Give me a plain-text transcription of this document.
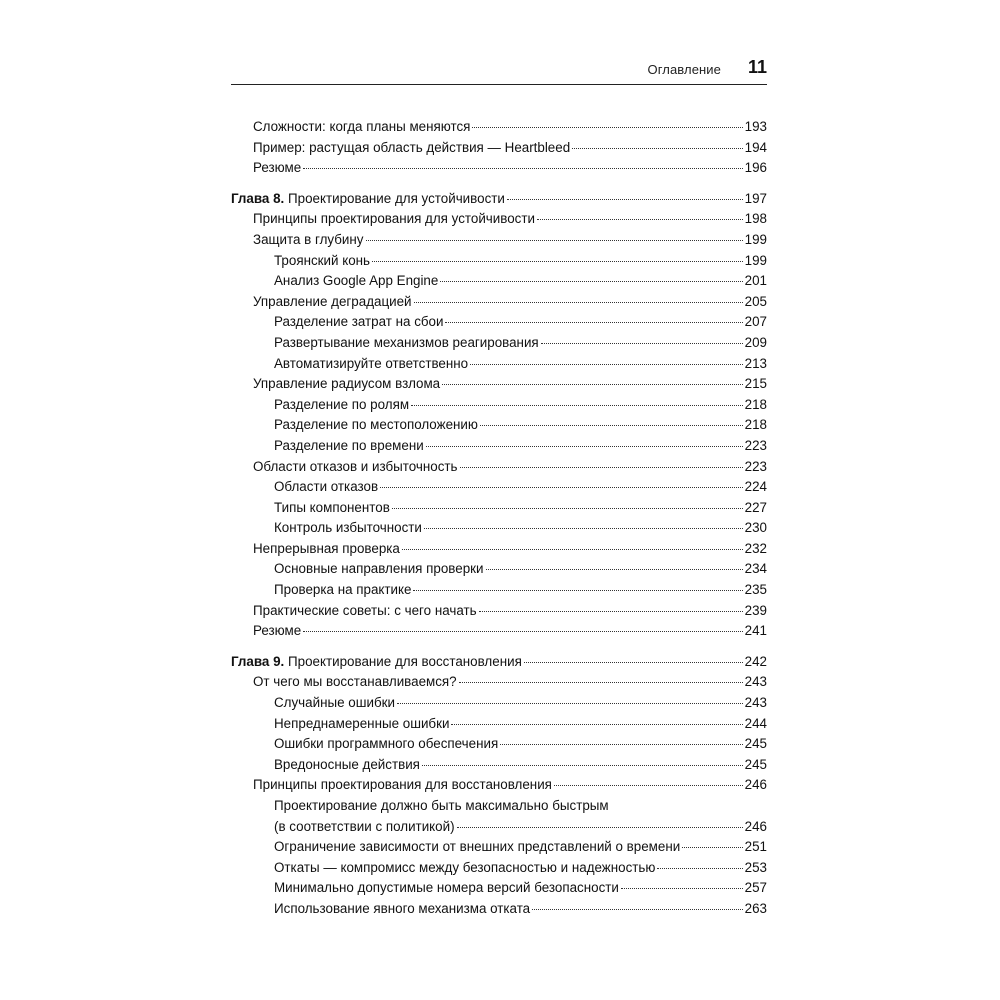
Оглавление 11
Сложности: когда планы меняются	193
Пример: растущая область действия — Heartbleed	194
Резюме	196
Глава 8. Проектирование для устойчивости	197
Принципы проектирования для устойчивости	198
Защита в глубину	199
Троянский конь	199
Анализ Google App Engine	201
Управление деградацией	205
Разделение затрат на сбои	207
Развертывание механизмов реагирования	209
Автоматизируйте ответственно	213
Управление радиусом взлома	215
Разделение по ролям	218
Разделение по местоположению	218
Разделение по времени	223
Области отказов и избыточность	223
Области отказов	224
Типы компонентов	227
Контроль избыточности	230
Непрерывная проверка	232
Основные направления проверки	234
Проверка на практике	235
Практические советы: с чего начать	239
Резюме	241
Глава 9. Проектирование для восстановления	242
От чего мы восстанавливаемся?	243
Случайные ошибки	243
Непреднамеренные ошибки	244
Ошибки программного обеспечения	245
Вредоносные действия	245
Принципы проектирования для восстановления	246
Проектирование должно быть максимально быстрым
(в соответствии с политикой)	246
Ограничение зависимости от внешних представлений о времени	251
Откаты — компромисс между безопасностью и надежностью	253
Минимально допустимые номера версий безопасности	257
Использование явного механизма отката	263
